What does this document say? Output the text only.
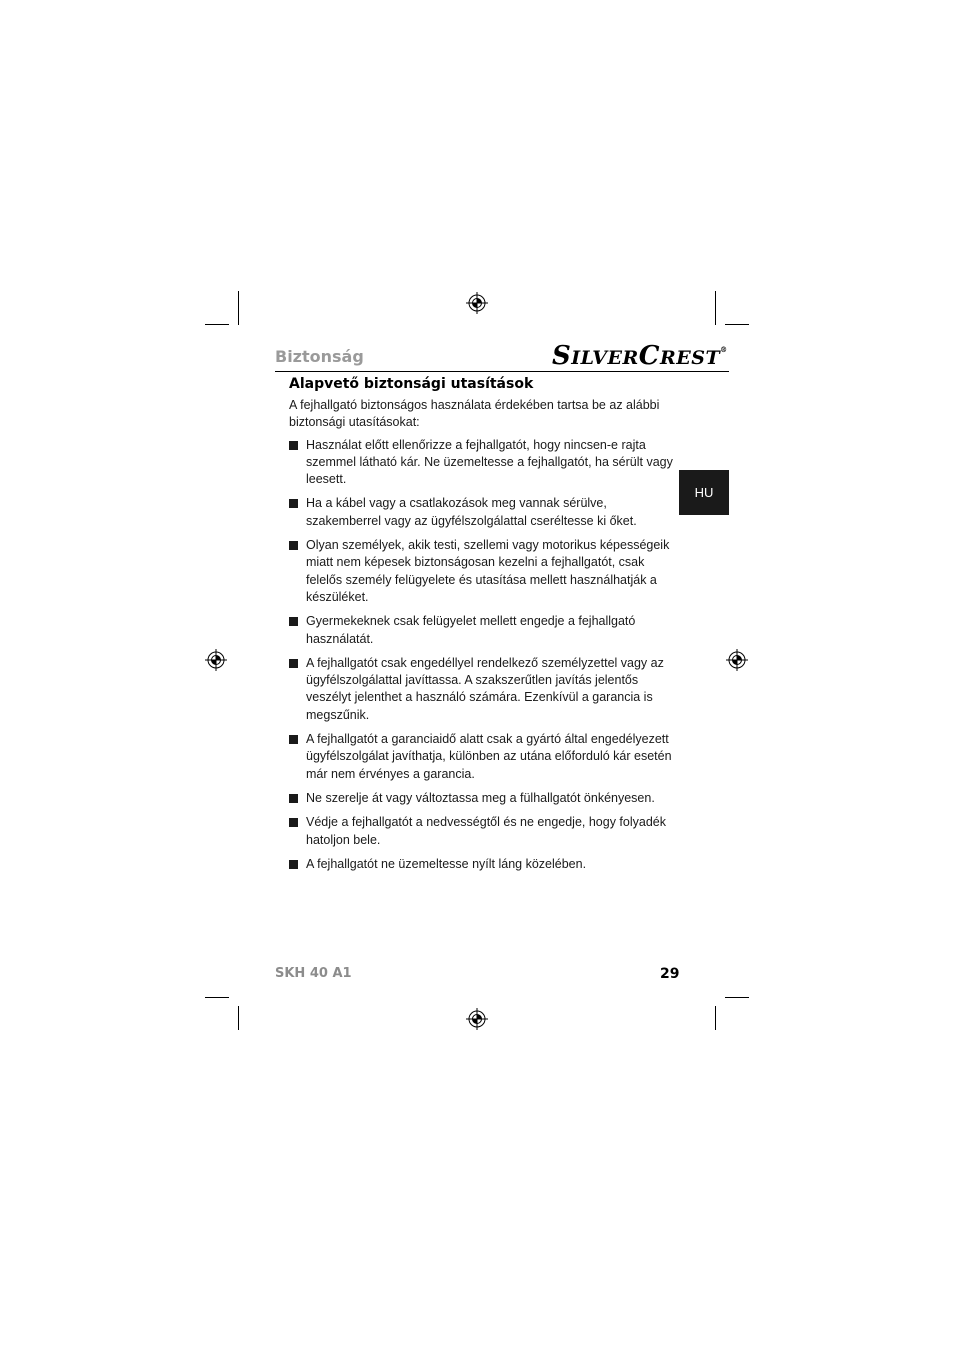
Biztonság	SILVERCREST®
HU
Alapvető biztonsági utasítások
A fejhallgató biztonságos használata érdekében tartsa be az alábbi biztonsági utasításokat:
Használat előtt ellenőrizze a fejhallgatót, hogy nincsen-e rajta szemmel látható kár. Ne üzemeltesse a fejhallgatót, ha sérült vagy leesett.
Ha a kábel vagy a csatlakozások meg vannak sérülve, szakemberrel vagy az ügyfélszolgálattal cseréltesse ki őket.
Olyan személyek, akik testi, szellemi vagy motorikus képességeik miatt nem képesek biztonságosan kezelni a fejhallgatót, csak felelős személy felügyelete és utasítása mellett használhatják a készüléket.
Gyermekeknek csak felügyelet mellett engedje a fejhallgató használatát.
A fejhallgatót csak engedéllyel rendelkező személyzettel vagy az ügyfélszolgálattal javíttassa. A szakszerűtlen javítás jelentős veszélyt jelenthet a használó számára. Ezenkívül a garancia is megszűnik.
A fejhallgatót a garanciaidő alatt csak a gyártó által engedélyezett ügyfélszolgálat javíthatja, különben az utána előforduló kár esetén már nem érvényes a garancia.
Ne szerelje át vagy változtassa meg a fülhallgatót önkényesen.
Védje a fejhallgatót a nedvességtől és ne engedje, hogy folyadék hatoljon bele.
A fejhallgatót ne üzemeltesse nyílt láng közelében.
SKH 40 A1	29
